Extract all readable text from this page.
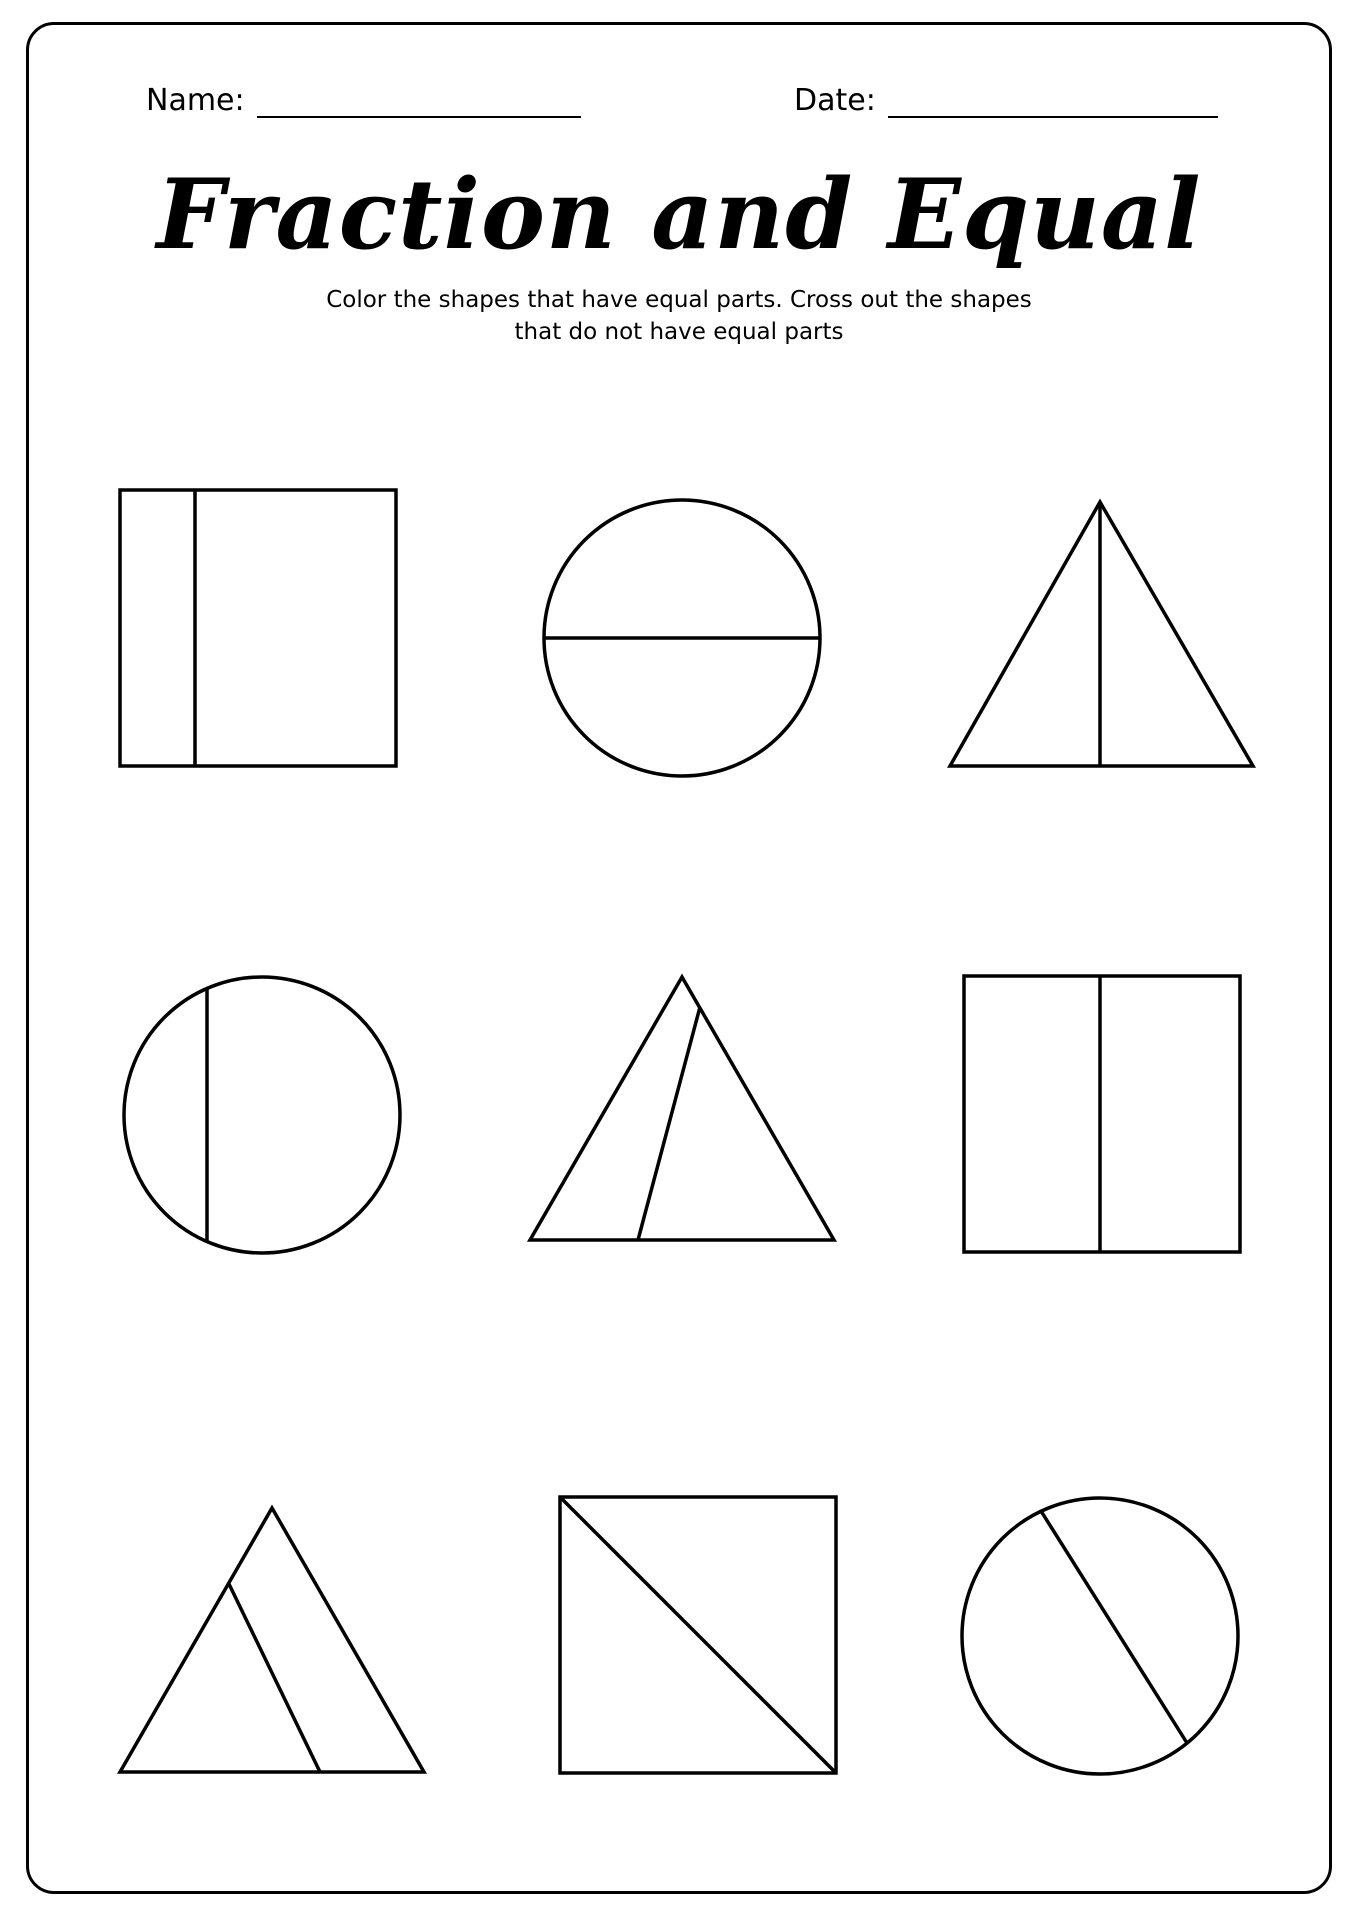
Name:	Date:
Fraction and Equal
Color the shapes that have equal parts. Cross out the shapes
that do not have equal parts
